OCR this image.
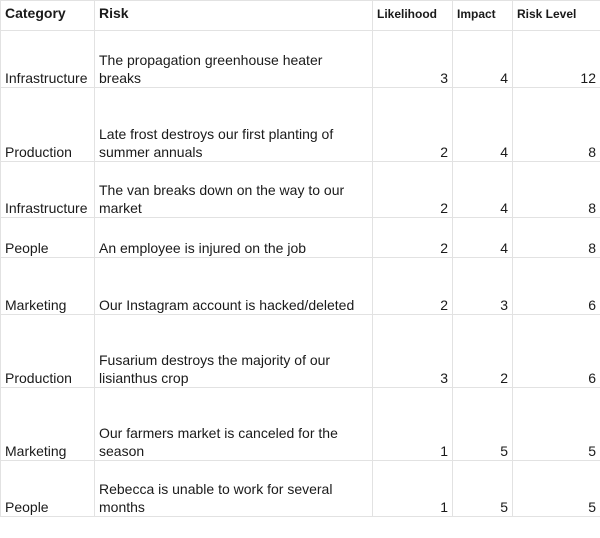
Category	Risk	Likelihood	Impact	Risk Level
Infrastructure	The propagation greenhouse heater breaks	3	4	12
Production	Late frost destroys our first planting of summer annuals	2	4	8
Infrastructure	The van breaks down on the way to our market	2	4	8
People	An employee is injured on the job	2	4	8
Marketing	Our Instagram account is hacked/deleted	2	3	6
Production	Fusarium destroys the majority of our lisianthus crop	3	2	6
Marketing	Our farmers market is canceled for the season	1	5	5
People	Rebecca is unable to work for several months	1	5	5
